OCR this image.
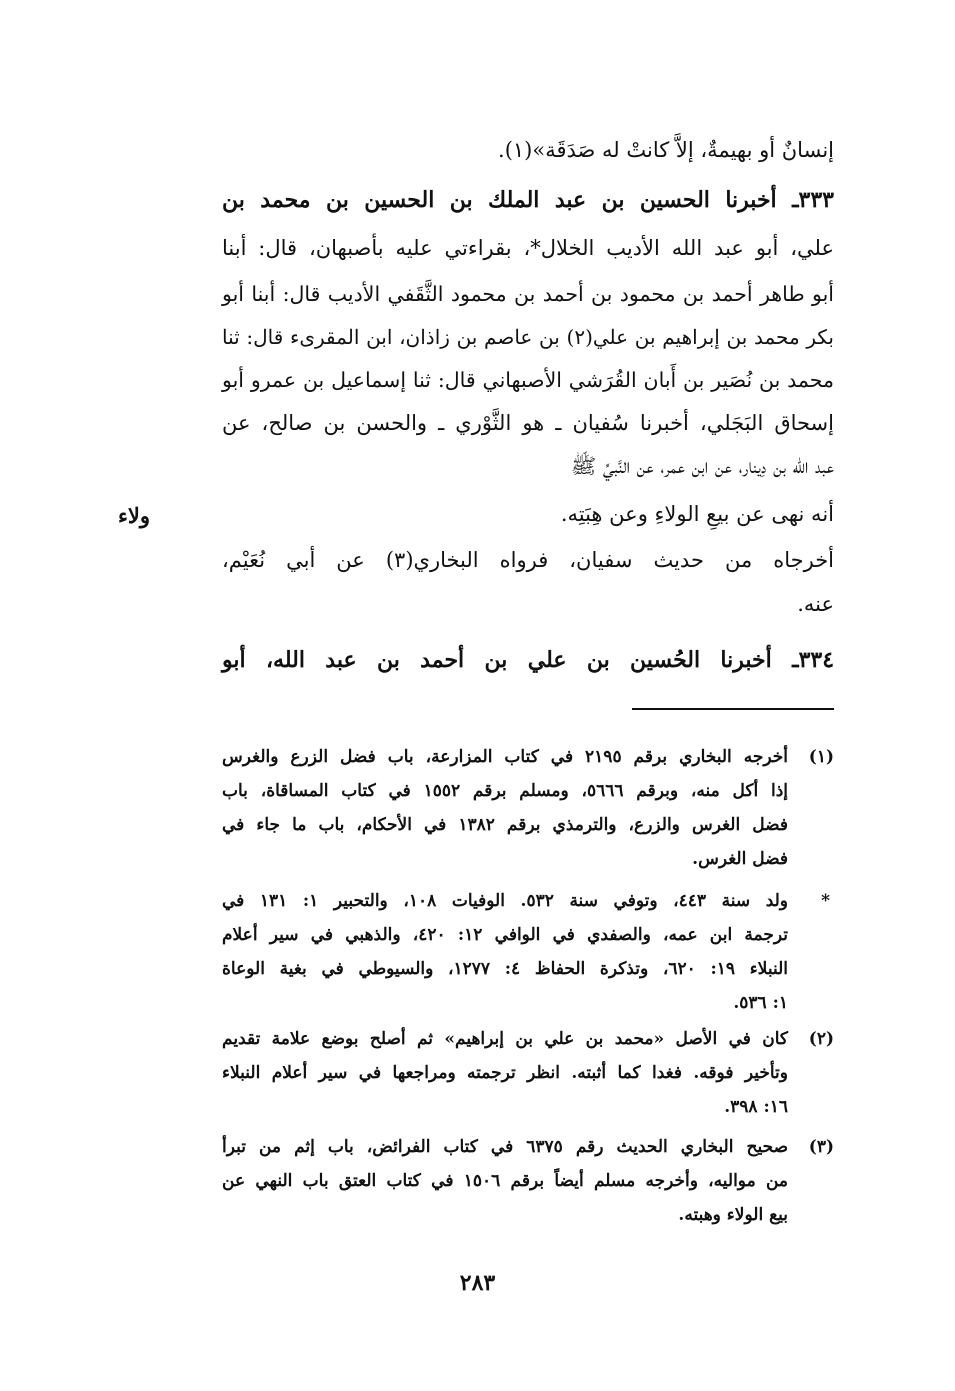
إنسانٌ أو بهيمةٌ، إلاَّ كانتْ له صَدَقَة»(١).
٣٣٣ـ أخبرنا الحسين بن عبد الملك بن الحسين بن محمد بن
علي، أبو عبد الله الأديب الخلال*، بقراءتي عليه بأصبهان، قال: أبنا
أبو طاهر أحمد بن محمود بن أحمد بن محمود الثَّقَفي الأديب قال: أبنا أبو
بكر محمد بن إبراهيم بن علي(٢) بن عاصم بن زاذان، ابن المقرىء قال: ثنا
محمد بن نُصَير بن أَبان القُرَشي الأصبهاني قال: ثنا إسماعيل بن عمرو أبو
إسحاق البَجَلي، أخبرنا سُفيان ـ هو الثَّوْري ـ والحسن بن صالح، عن
عبد الله بن دِينار، عن ابن عمر، عن النَّبيِّ ﷺ
أنه نهى عن بيعِ الولاءِ وعن هِبَتِه.
أخرجاه من حديث سفيان، فرواه البخاري(٣) عن أبي نُعَيْم،
عنه.
٣٣٤ـ أخبرنا الحُسين بن علي بن أحمد بن عبد الله، أبو
ولاء
(١)
أخرجه البخاري برقم ٢١٩٥ في كتاب المزارعة، باب فضل الزرع والغرس
إذا أكل منه، وبرقم ٥٦٦٦، ومسلم برقم ١٥٥٢ في كتاب المساقاة، باب
فضل الغرس والزرع، والترمذي برقم ١٣٨٢ في الأحكام، باب ما جاء في
فضل الغرس.
*
ولد سنة ٤٤٣، وتوفي سنة ٥٣٢. الوفيات ١٠٨، والتحبير ١: ١٣١ في
ترجمة ابن عمه، والصفدي في الوافي ١٢: ٤٢٠، والذهبي في سير أعلام
النبلاء ١٩: ٦٢٠، وتذكرة الحفاظ ٤: ١٢٧٧، والسيوطي في بغية الوعاة
١: ٥٣٦.
(٢)
كان في الأصل «محمد بن علي بن إبراهيم» ثم أصلح بوضع علامة تقديم
وتأخير فوقه. فغدا كما أثبته. انظر ترجمته ومراجعها في سير أعلام النبلاء
١٦: ٣٩٨.
(٣)
صحيح البخاري الحديث رقم ٦٣٧٥ في كتاب الفرائض، باب إثم من تبرأ
من مواليه، وأخرجه مسلم أيضاً برقم ١٥٠٦ في كتاب العتق باب النهي عن
بيع الولاء وهبته.
٢٨٣
